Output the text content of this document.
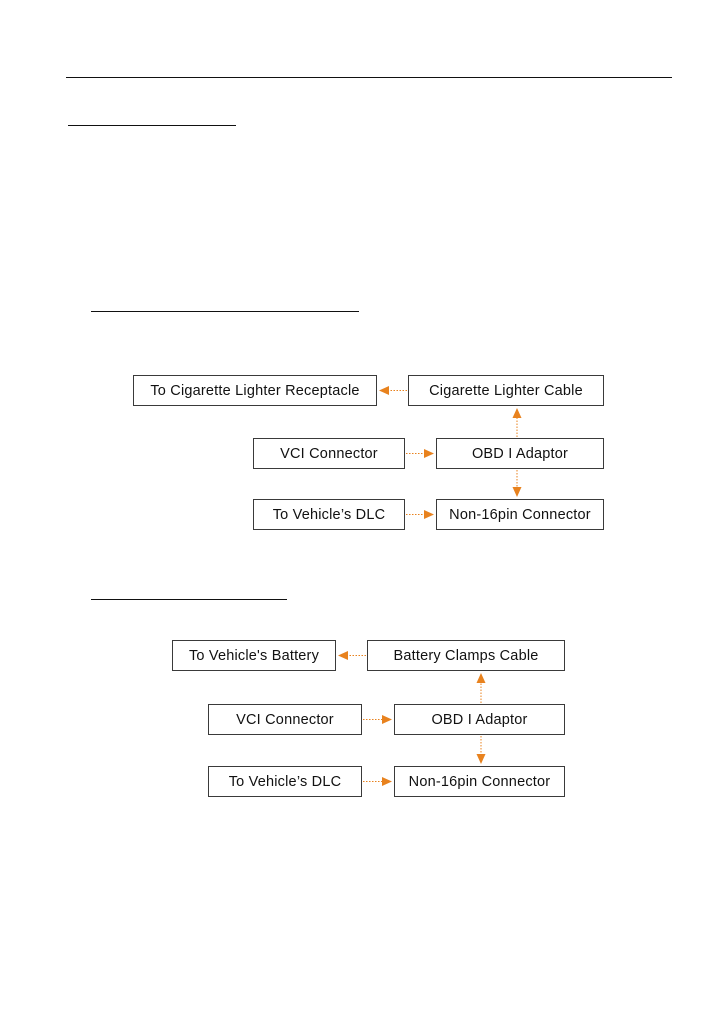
To Cigarette Lighter Receptacle	Cigarette Lighter Cable
VCI Connector	OBD I Adaptor
To Vehicle’s DLC	Non-16pin Connector
To Vehicle's Battery	Battery Clamps Cable
VCI Connector	OBD I Adaptor
To Vehicle’s DLC	Non-16pin Connector
